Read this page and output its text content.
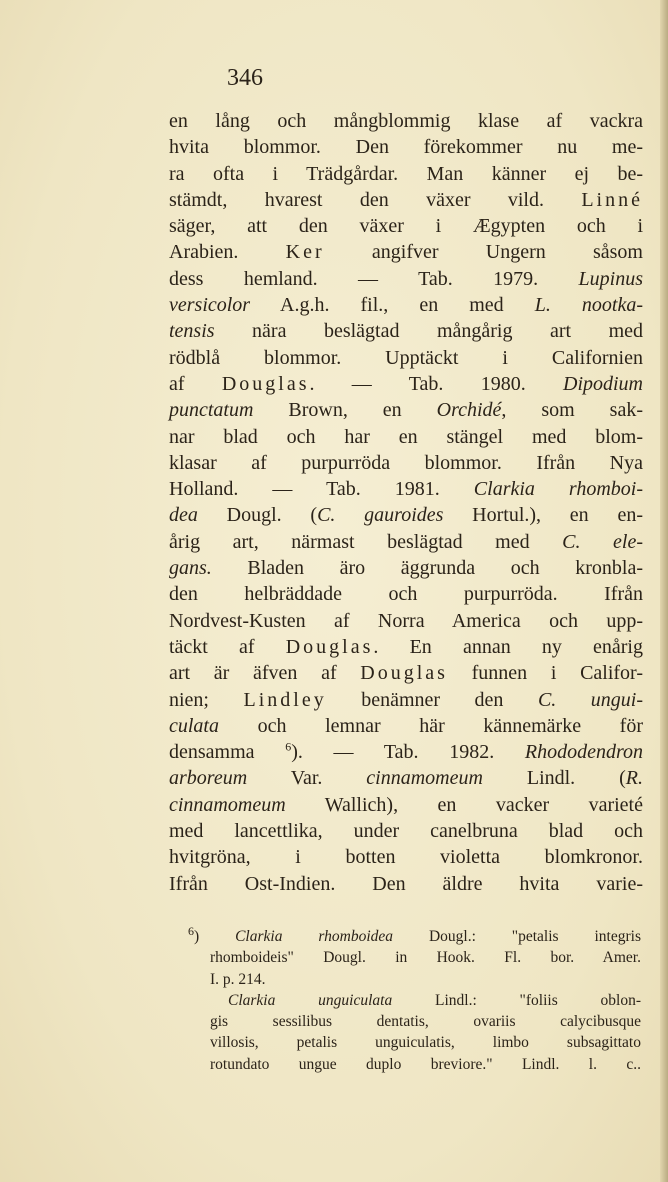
346
en lång och mångblommig klase af vackra
hvita blommor. Den förekommer nu me-
ra ofta i Trädgårdar. Man känner ej be-
stämdt, hvarest den växer vild. Linné
säger, att den växer i Ægypten och i
Arabien. Ker angifver Ungern såsom
dess hemland. — Tab. 1979. Lupinus
versicolor A.g.h. fil., en med L. nootka-
tensis nära beslägtad mångårig art med
rödblå blommor. Upptäckt i Californien
af Douglas. — Tab. 1980. Dipodium
punctatum Brown, en Orchidé, som sak-
nar blad och har en stängel med blom-
klasar af purpurröda blommor. Ifrån Nya
Holland. — Tab. 1981. Clarkia rhomboi-
dea Dougl. (C. gauroides Hortul.), en en-
årig art, närmast beslägtad med C. ele-
gans. Bladen äro äggrunda och kronbla-
den helbräddade och purpurröda. Ifrån
Nordvest-Kusten af Norra America och upp-
täckt af Douglas. En annan ny enårig
art är äfven af Douglas funnen i Califor-
nien; Lindley benämner den C. ungui-
culata och lemnar här kännemärke för
densamma $^6$). — Tab. 1982. Rhododendron
arboreum Var. cinnamomeum Lindl. (R.
cinnamomeum Wallich), en vacker varieté
med lancettlika, under canelbruna blad och
hvitgröna, i botten violetta blomkronor.
Ifrån Ost-Indien. Den äldre hvita varie-
$^6$) Clarkia rhomboidea Dougl.: "petalis integris
rhomboideis" Dougl. in Hook. Fl. bor. Amer.
I. p. 214.
Clarkia unguiculata Lindl.: "foliis oblon-
gis sessilibus dentatis, ovariis calycibusque
villosis, petalis unguiculatis, limbo subsagittato
rotundato ungue duplo breviore." Lindl. l. c..
